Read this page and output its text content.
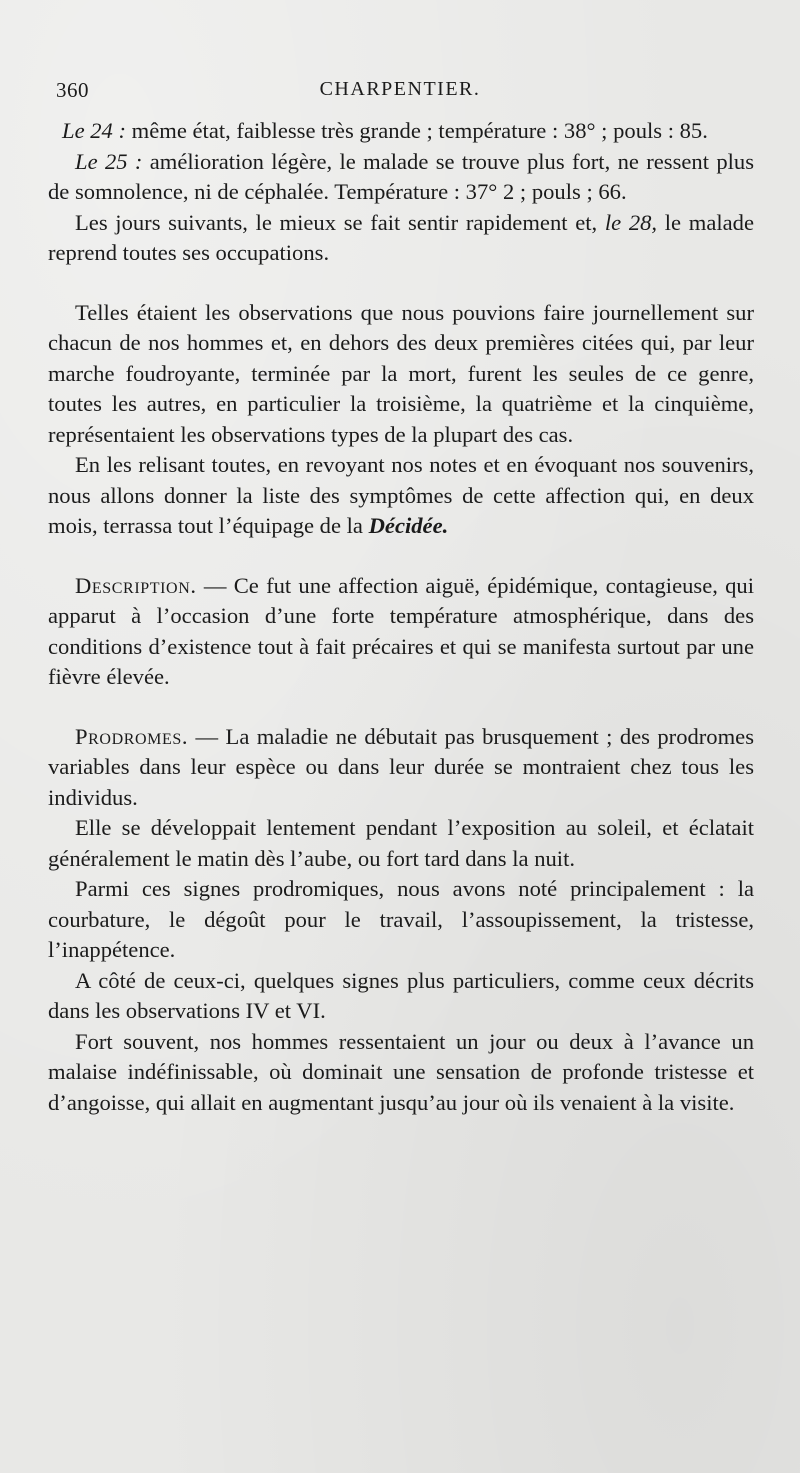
360	CHARPENTIER.

Le 24 : même état, faiblesse très grande ; température : 38° ; pouls : 85.

Le 25 : amélioration légère, le malade se trouve plus fort, ne ressent plus de somnolence, ni de céphalée. Température : 37° 2 ; pouls ; 66.

Les jours suivants, le mieux se fait sentir rapidement et, le 28, le malade reprend toutes ses occupations.

Telles étaient les observations que nous pouvions faire journellement sur chacun de nos hommes et, en dehors des deux premières citées qui, par leur marche foudroyante, terminée par la mort, furent les seules de ce genre, toutes les autres, en particulier la troisième, la quatrième et la cinquième, représentaient les observations types de la plupart des cas.

En les relisant toutes, en revoyant nos notes et en évoquant nos souvenirs, nous allons donner la liste des symptômes de cette affection qui, en deux mois, terrassa tout l’équipage de la Décidée.

Description. — Ce fut une affection aiguë, épidémique, contagieuse, qui apparut à l’occasion d’une forte température atmosphérique, dans des conditions d’existence tout à fait précaires et qui se manifesta surtout par une fièvre élevée.

Prodromes. — La maladie ne débutait pas brusquement ; des prodromes variables dans leur espèce ou dans leur durée se montraient chez tous les individus.

Elle se développait lentement pendant l’exposition au soleil, et éclatait généralement le matin dès l’aube, ou fort tard dans la nuit.

Parmi ces signes prodromiques, nous avons noté principalement : la courbature, le dégoût pour le travail, l’assoupissement, la tristesse, l’inappétence.

A côté de ceux-ci, quelques signes plus particuliers, comme ceux décrits dans les observations IV et VI.

Fort souvent, nos hommes ressentaient un jour ou deux à l’avance un malaise indéfinissable, où dominait une sensation de profonde tristesse et d’angoisse, qui allait en augmentant jusqu’au jour où ils venaient à la visite.
